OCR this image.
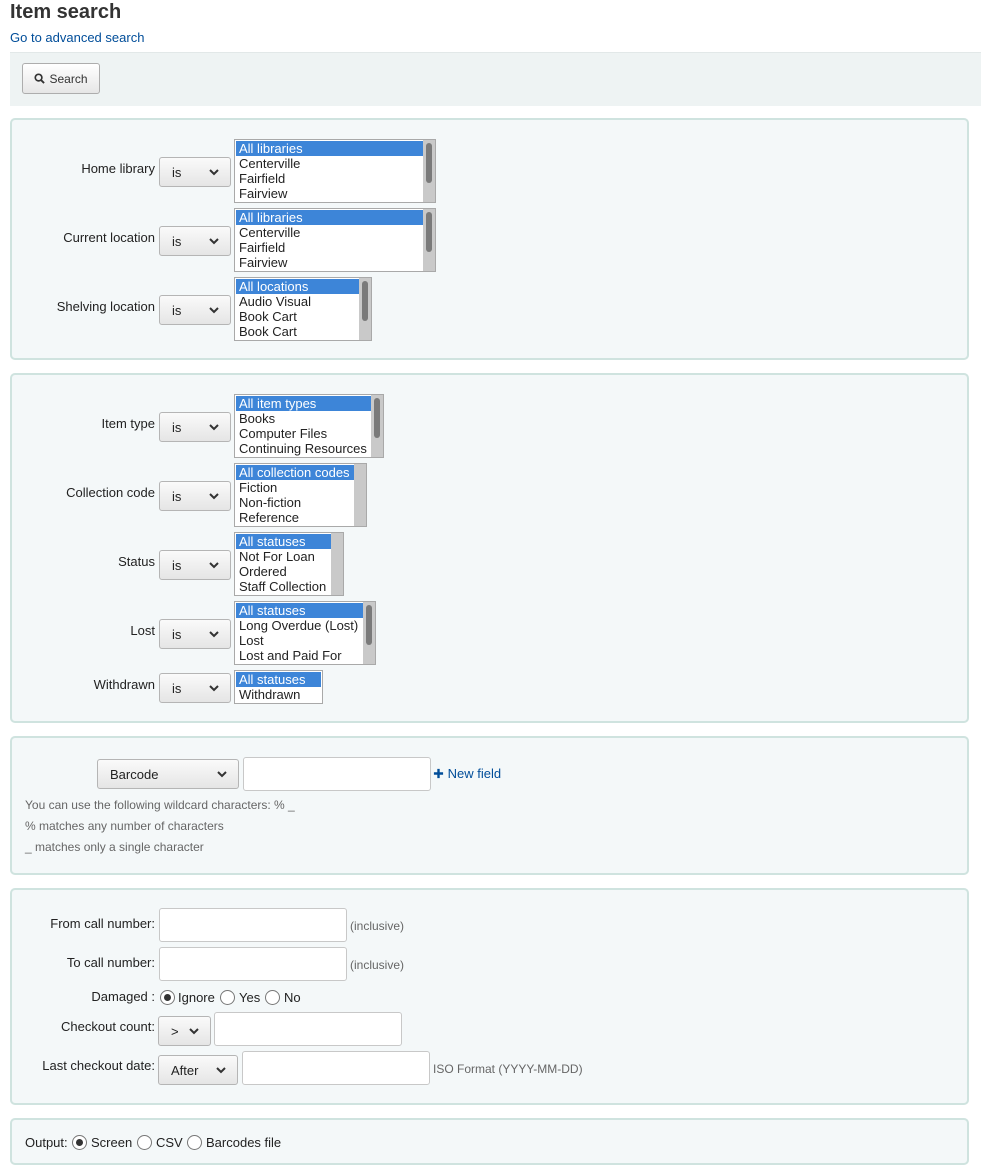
Item search
Go to advanced search
Search
Home library is
All libraries
Centerville
Fairfield
Fairview
Current location is
All libraries
Centerville
Fairfield
Fairview
Shelving location is
All locations
Audio Visual
Book Cart
Book Cart
Item type is
All item types
Books
Computer Files
Continuing Resources
Collection code is
All collection codes
Fiction
Non-fiction
Reference
Status is
All statuses
Not For Loan
Ordered
Staff Collection
Lost is
All statuses
Long Overdue (Lost)
Lost
Lost and Paid For
Withdrawn is
All statuses
Withdrawn
Barcode	New field
You can use the following wildcard characters: % _
% matches any number of characters
_ matches only a single character
From call number:	(inclusive)
To call number:	(inclusive)
Damaged : Ignore Yes No
Checkout count: >
Last checkout date: After	ISO Format (YYYY-MM-DD)
Output: Screen CSV Barcodes file
